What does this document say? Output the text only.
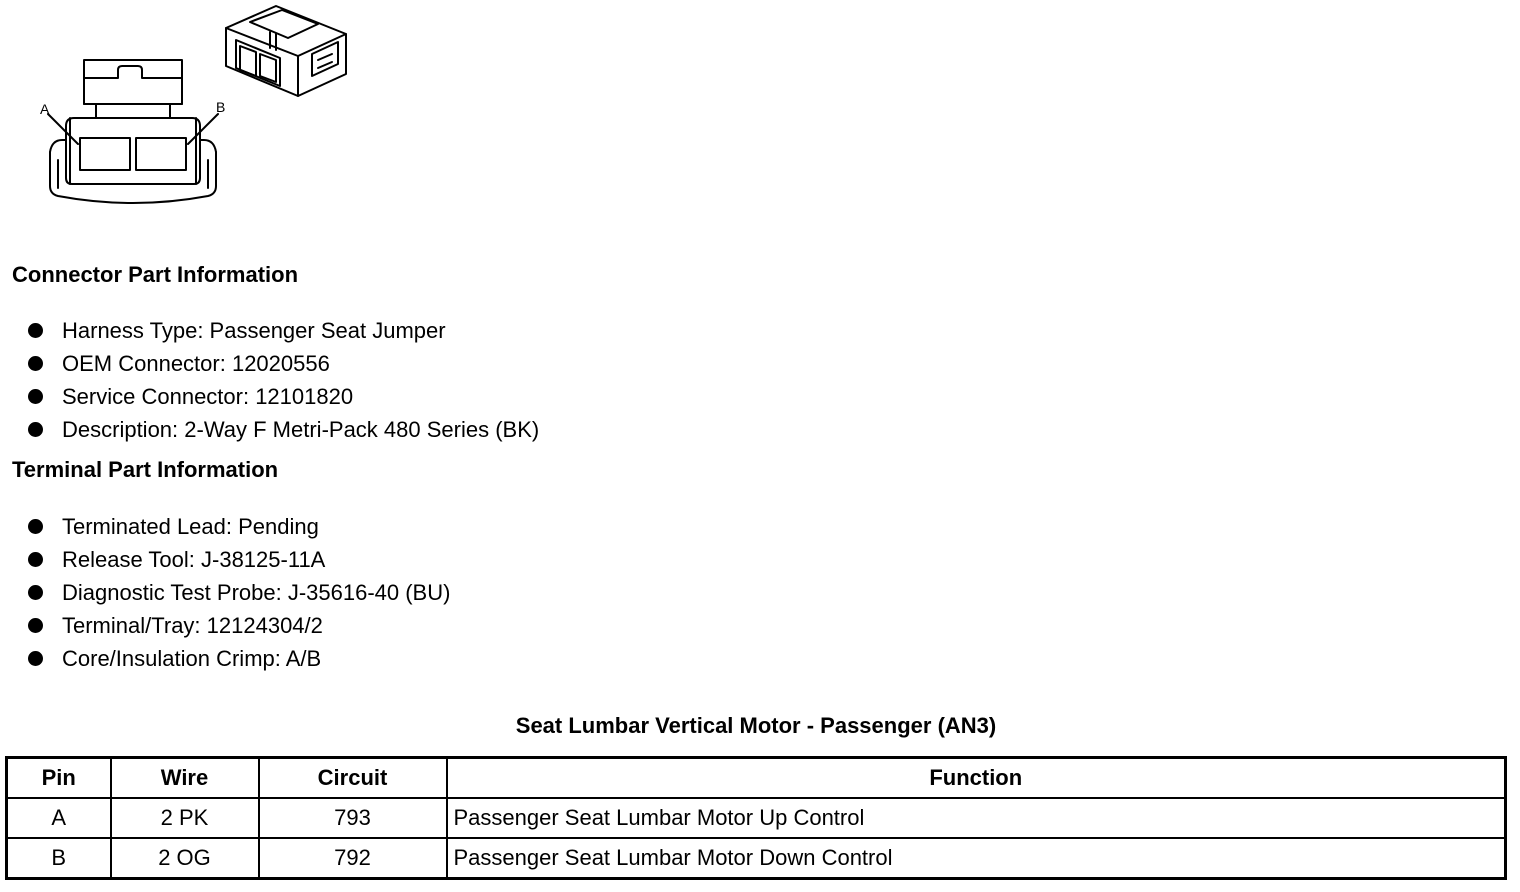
A	B
Connector Part Information
Harness Type: Passenger Seat Jumper
OEM Connector: 12020556
Service Connector: 12101820
Description: 2-Way F Metri-Pack 480 Series (BK)
Terminal Part Information
Terminated Lead: Pending
Release Tool: J-38125-11A
Diagnostic Test Probe: J-35616-40 (BU)
Terminal/Tray: 12124304/2
Core/Insulation Crimp: A/B
Seat Lumbar Vertical Motor - Passenger (AN3)
Pin	Wire	Circuit	Function
A	2 PK	793	Passenger Seat Lumbar Motor Up Control
B	2 OG	792	Passenger Seat Lumbar Motor Down Control
